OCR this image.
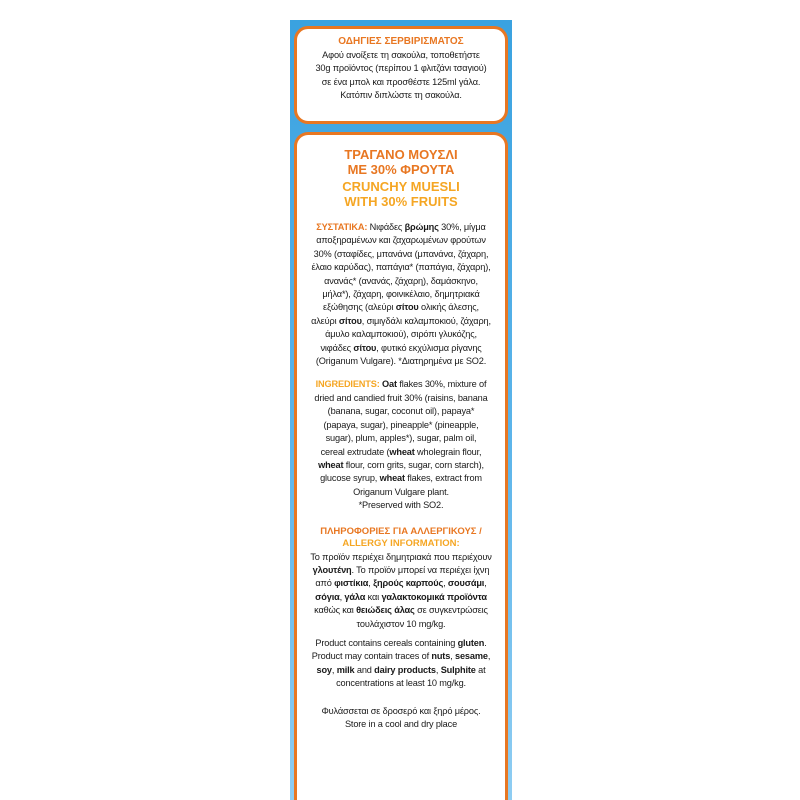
ΟΔΗΓΙΕΣ ΣΕΡΒΙΡΙΣΜΑΤΟΣ
Αφού ανοίξετε τη σακούλα, τοποθετήστε
30g προϊόντος (περίπου 1 φλιτζάνι τσαγιού)
σε ένα μπολ και προσθέστε 125ml γάλα.
Κατόπιν διπλώστε τη σακούλα.
ΤΡΑΓΑΝΟ ΜΟΥΣΛΙ
ΜΕ 30% ΦΡΟΥΤΑ
CRUNCHY MUESLI
WITH 30% FRUITS
ΣΥΣΤΑΤΙΚΑ: Νιφάδες βρώμης 30%, μίγμα
αποξηραμένων και ζαχαρωμένων φρούτων
30% (σταφίδες, μπανάνα (μπανάνα, ζάχαρη,
έλαιο καρύδας), παπάγια* (παπάγια, ζάχαρη),
ανανάς* (ανανάς, ζάχαρη), δαμάσκηνο,
μήλα*), ζάχαρη, φοινικέλαιο, δημητριακά
εξώθησης (αλεύρι σίτου ολικής άλεσης,
αλεύρι σίτου, σιμιγδάλι καλαμποκιού, ζάχαρη,
άμυλο καλαμποκιού), σιρόπι γλυκόζης,
νιφάδες σίτου, φυτικό εκχύλισμα ρίγανης
(Origanum Vulgare). *Διατηρημένα με SO2.
INGREDIENTS: Oat flakes 30%, mixture of
dried and candied fruit 30% (raisins, banana
(banana, sugar, coconut oil), papaya*
(papaya, sugar), pineapple* (pineapple,
sugar), plum, apples*), sugar, palm oil,
cereal extrudate (wheat wholegrain flour,
wheat flour, corn grits, sugar, corn starch),
glucose syrup, wheat flakes, extract from
Origanum Vulgare plant.
*Preserved with SO2.
ΠΛΗΡΟΦΟΡΙΕΣ ΓΙΑ ΑΛΛΕΡΓΙΚΟΥΣ /
ALLERGY INFORMATION:
Το προϊόν περιέχει δημητριακά που περιέχουν
γλουτένη. Το προϊόν μπορεί να περιέχει ίχνη
από φιστίκια, ξηρούς καρπούς, σουσάμι,
σόγια, γάλα και γαλακτοκομικά προϊόντα
καθώς και θειώδεις άλας σε συγκεντρώσεις
τουλάχιστον 10 mg/kg.
Product contains cereals containing gluten.
Product may contain traces of nuts, sesame,
soy, milk and dairy products, Sulphite at
concentrations at least 10 mg/kg.
Φυλάσσεται σε δροσερό και ξηρό μέρος.
Store in a cool and dry place
